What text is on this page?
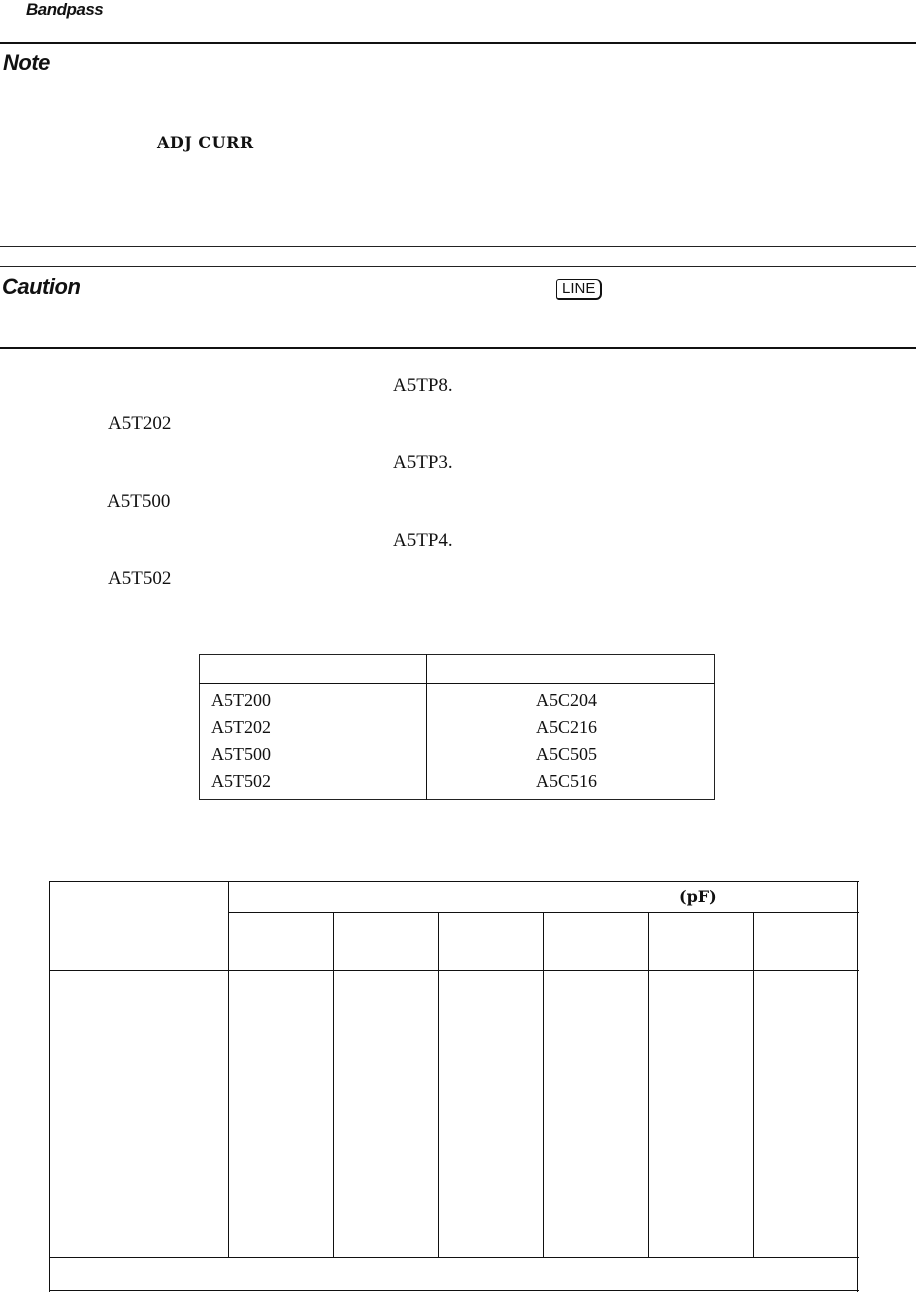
Bandpass
Note
ADJ CURR
Caution	LINE
A5TP8.
A5T202
A5TP3.
A5T500
A5TP4.
A5T502
A5T200	A5C204
A5T202	A5C216
A5T500	A5C505
A5T502	A5C516
(pF)
